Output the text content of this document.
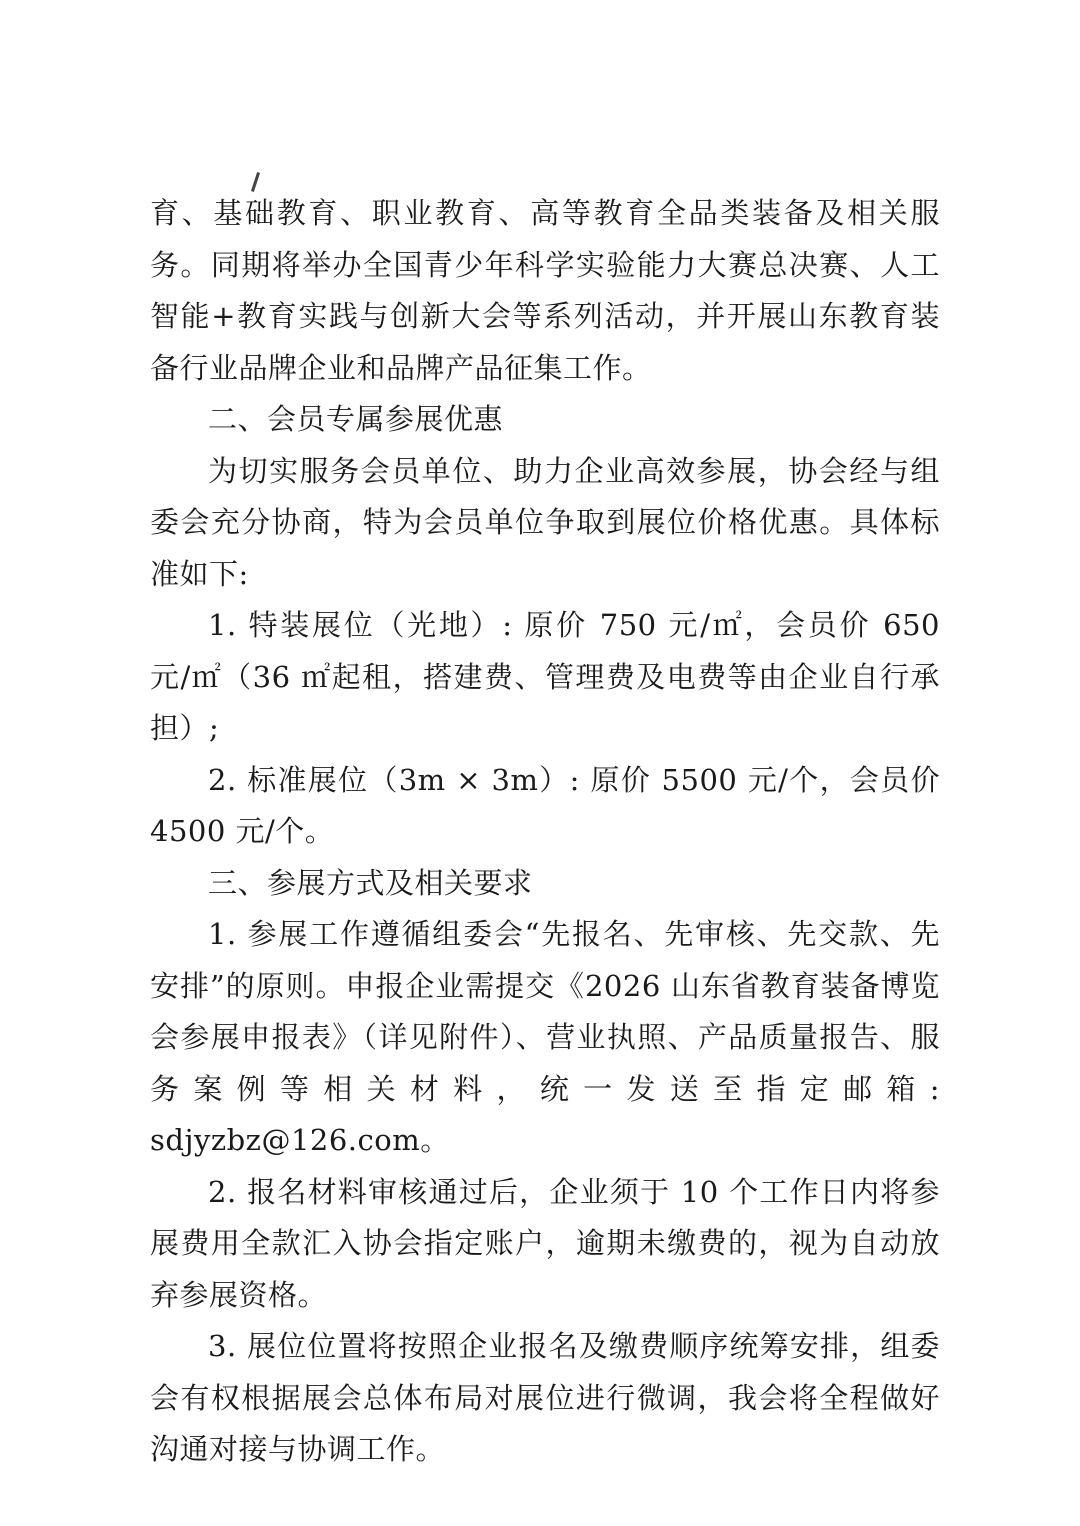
育、基础教育、职业教育、高等教育全品类装备及相关服务。同期将举办全国青少年科学实验能力大赛总决赛、人工智能+教育实践与创新大会等系列活动，并开展山东教育装备行业品牌企业和品牌产品征集工作。

二、会员专属参展优惠

为切实服务会员单位、助力企业高效参展，协会经与组委会充分协商，特为会员单位争取到展位价格优惠。具体标准如下:

1. 特装展位（光地）: 原价 750 元/㎡，会员价 650 元/㎡（36 ㎡起租，搭建费、管理费及电费等由企业自行承担）;

2. 标准展位（3m × 3m）: 原价 5500 元/个，会员价 4500 元/个。

三、参展方式及相关要求

1. 参展工作遵循组委会“先报名、先审核、先交款、先安排”的原则。申报企业需提交《2026 山东省教育装备博览会参展申报表》（详见附件）、营业执照、产品质量报告、服务案例等相关材料，统一发送至指定邮箱: sdjyzbz@126.com。

2. 报名材料审核通过后，企业须于 10 个工作日内将参展费用全款汇入协会指定账户，逾期未缴费的，视为自动放弃参展资格。

3. 展位位置将按照企业报名及缴费顺序统筹安排，组委会有权根据展会总体布局对展位进行微调，我会将全程做好沟通对接与协调工作。
